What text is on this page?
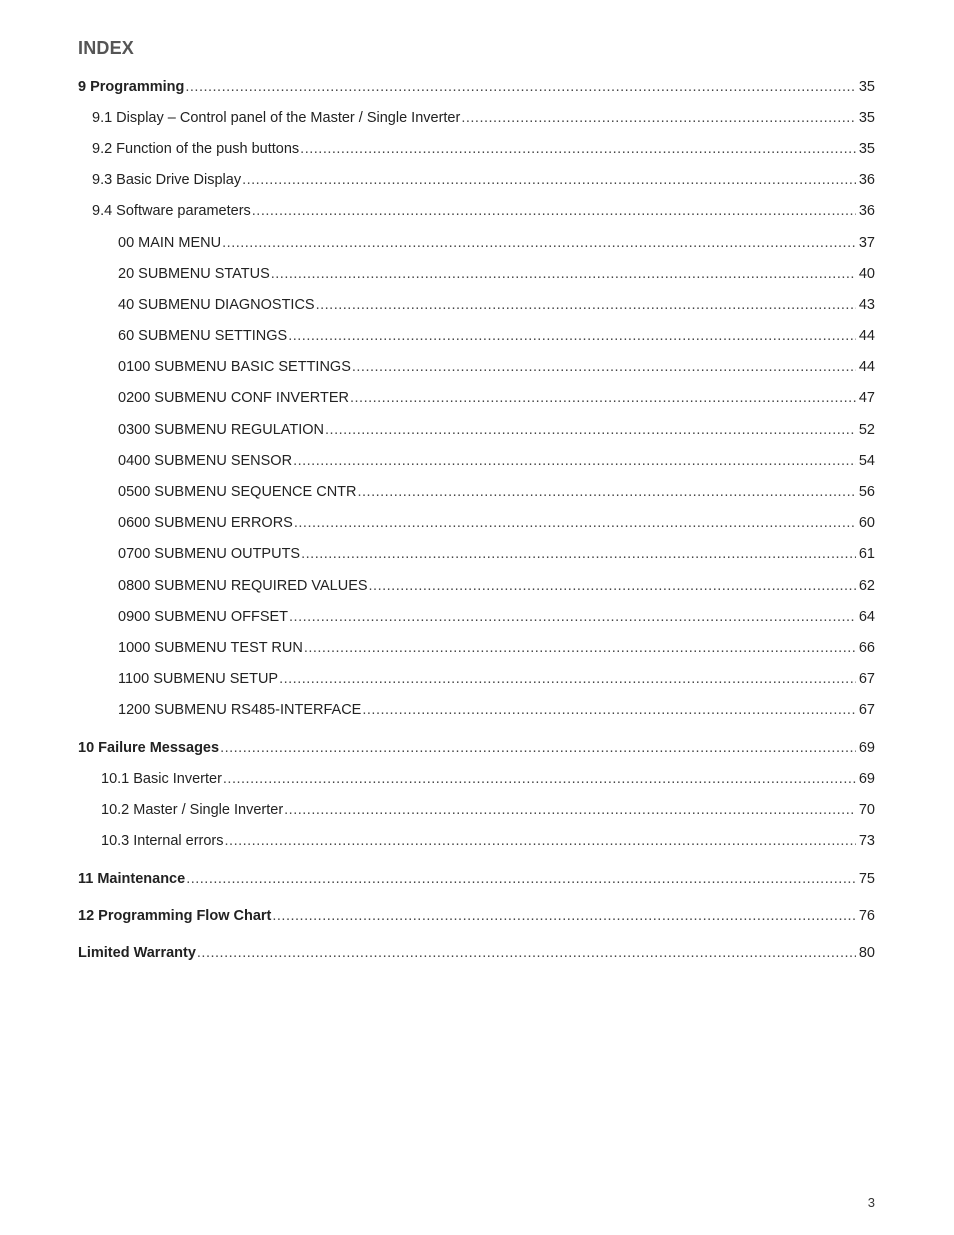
INDEX
9 Programming .....	35
9.1 Display – Control panel of the Master / Single Inverter .....	35
9.2 Function of the push buttons .....	35
9.3 Basic Drive Display .....	36
9.4 Software parameters .....	36
00 MAIN MENU .....	37
20 SUBMENU STATUS .....	40
40 SUBMENU DIAGNOSTICS .....	43
60 SUBMENU SETTINGS .....	44
0100 SUBMENU BASIC SETTINGS .....	44
0200 SUBMENU CONF INVERTER .....	47
0300 SUBMENU REGULATION .....	52
0400 SUBMENU SENSOR .....	54
0500 SUBMENU SEQUENCE CNTR .....	56
0600 SUBMENU ERRORS .....	60
0700 SUBMENU OUTPUTS .....	61
0800 SUBMENU REQUIRED VALUES .....	62
0900 SUBMENU OFFSET .....	64
1000 SUBMENU TEST RUN .....	66
1100 SUBMENU SETUP .....	67
1200 SUBMENU RS485-INTERFACE .....	67
10 Failure Messages .....	69
10.1 Basic Inverter .....	69
10.2 Master / Single Inverter .....	70
10.3 Internal errors .....	73
11 Maintenance .....	75
12 Programming Flow Chart .....	76
Limited Warranty .....	80
3
